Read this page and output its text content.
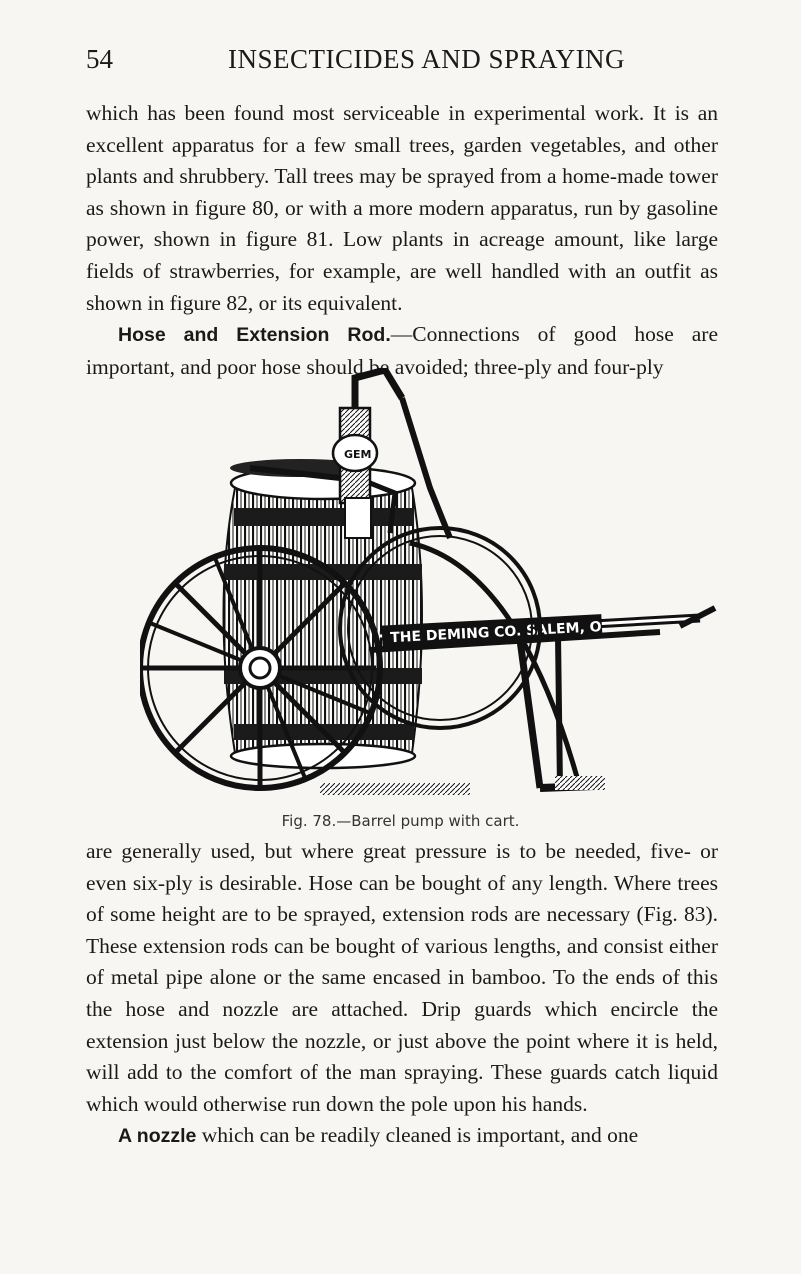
54	INSECTICIDES AND SPRAYING

which has been found most serviceable in experimental work. It is an excellent apparatus for a few small trees, garden vegetables, and other plants and shrubbery. Tall trees may be sprayed from a home-made tower as shown in figure 80, or with a more modern apparatus, run by gasoline power, shown in figure 81. Low plants in acreage amount, like large fields of strawberries, for example, are well handled with an outfit as shown in figure 82, or its equivalent.

Hose and Extension Rod.—Connections of good hose are important, and poor hose should be avoided; three-ply and four-ply

THE DEMING CO. SALEM, O.
GEM
Fig. 78.—Barrel pump with cart.

are generally used, but where great pressure is to be needed, five- or even six-ply is desirable. Hose can be bought of any length. Where trees of some height are to be sprayed, extension rods are necessary (Fig. 83). These extension rods can be bought of various lengths, and consist either of metal pipe alone or the same encased in bamboo. To the ends of this the hose and nozzle are attached. Drip guards which encircle the extension just below the nozzle, or just above the point where it is held, will add to the comfort of the man spraying. These guards catch liquid which would otherwise run down the pole upon his hands.

A nozzle which can be readily cleaned is important, and one
